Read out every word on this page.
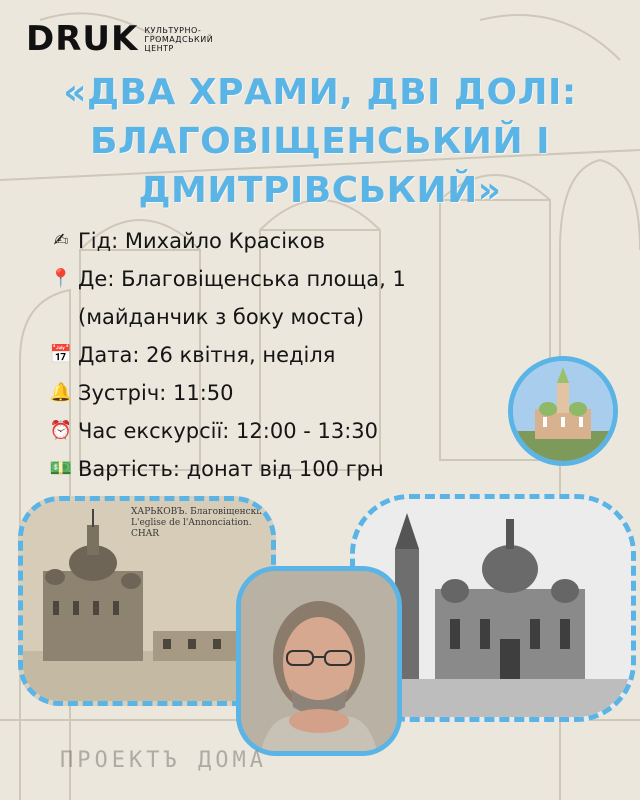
DRUK КУЛЬТУРНО-
ГРОМАДСЬКИЙ
ЦЕНТР
«ДВА ХРАМИ, ДВІ ДОЛІ:
БЛАГОВІЩЕНСЬКИЙ І
ДМИТРІВСЬКИЙ»
✍ Гід: Михайло Красіков
📍 Де: Благовіщенська площа, 1
(майданчик з боку моста)
📅 Дата: 26 квітня, неділя
🔔 Зустріч: 11:50
⏰ Час екскурсії: 12:00 - 13:30
💵 Вартість: донат від 100 грн
ХАРЬКОВЪ. Благовіщенскій
L'eglise de l'Annonciation. CHAR
ПРОЕКТЪ ДОМА
